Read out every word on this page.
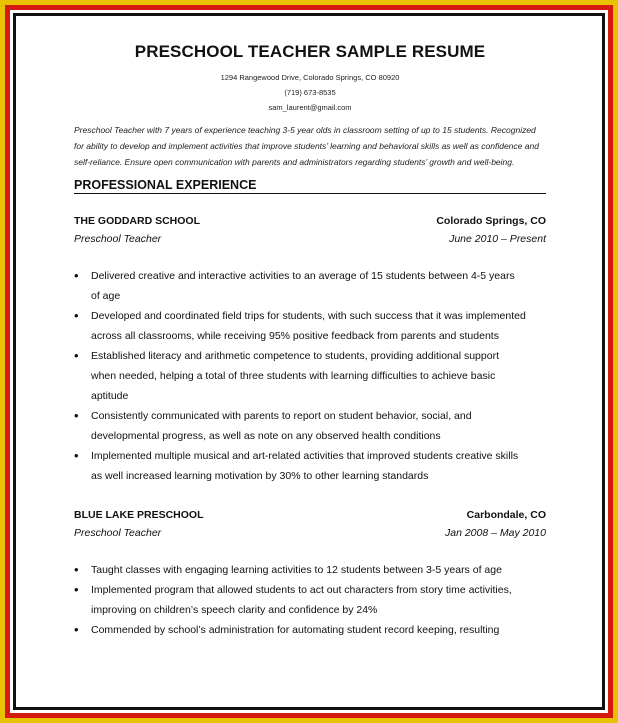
PRESCHOOL TEACHER SAMPLE RESUME
1294 Rangewood Drive, Colorado Springs, CO 80920
(719) 673-8535
sam_laurent@gmail.com
Preschool Teacher with 7 years of experience teaching 3-5 year olds in classroom setting of up to 15 students. Recognized for ability to develop and implement activities that improve students’ learning and behavioral skills as well as confidence and self-reliance. Ensure open communication with parents and administrators regarding students’ growth and well-being.
PROFESSIONAL EXPERIENCE
THE GODDARD SCHOOL	Colorado Springs, CO
Preschool Teacher	June 2010 – Present
• Delivered creative and interactive activities to an average of 15 students between 4-5 years of age
• Developed and coordinated field trips for students, with such success that it was implemented across all classrooms, while receiving 95% positive feedback from parents and students
• Established literacy and arithmetic competence to students, providing additional support when needed, helping a total of three students with learning difficulties to achieve basic aptitude
• Consistently communicated with parents to report on student behavior, social, and developmental progress, as well as note on any observed health conditions
• Implemented multiple musical and art-related activities that improved students creative skills as well increased learning motivation by 30% to other learning standards
BLUE LAKE PRESCHOOL	Carbondale, CO
Preschool Teacher	Jan 2008 – May 2010
• Taught classes with engaging learning activities to 12 students between 3-5 years of age
• Implemented program that allowed students to act out characters from story time activities, improving on children’s speech clarity and confidence by 24%
• Commended by school’s administration for automating student record keeping, resulting
